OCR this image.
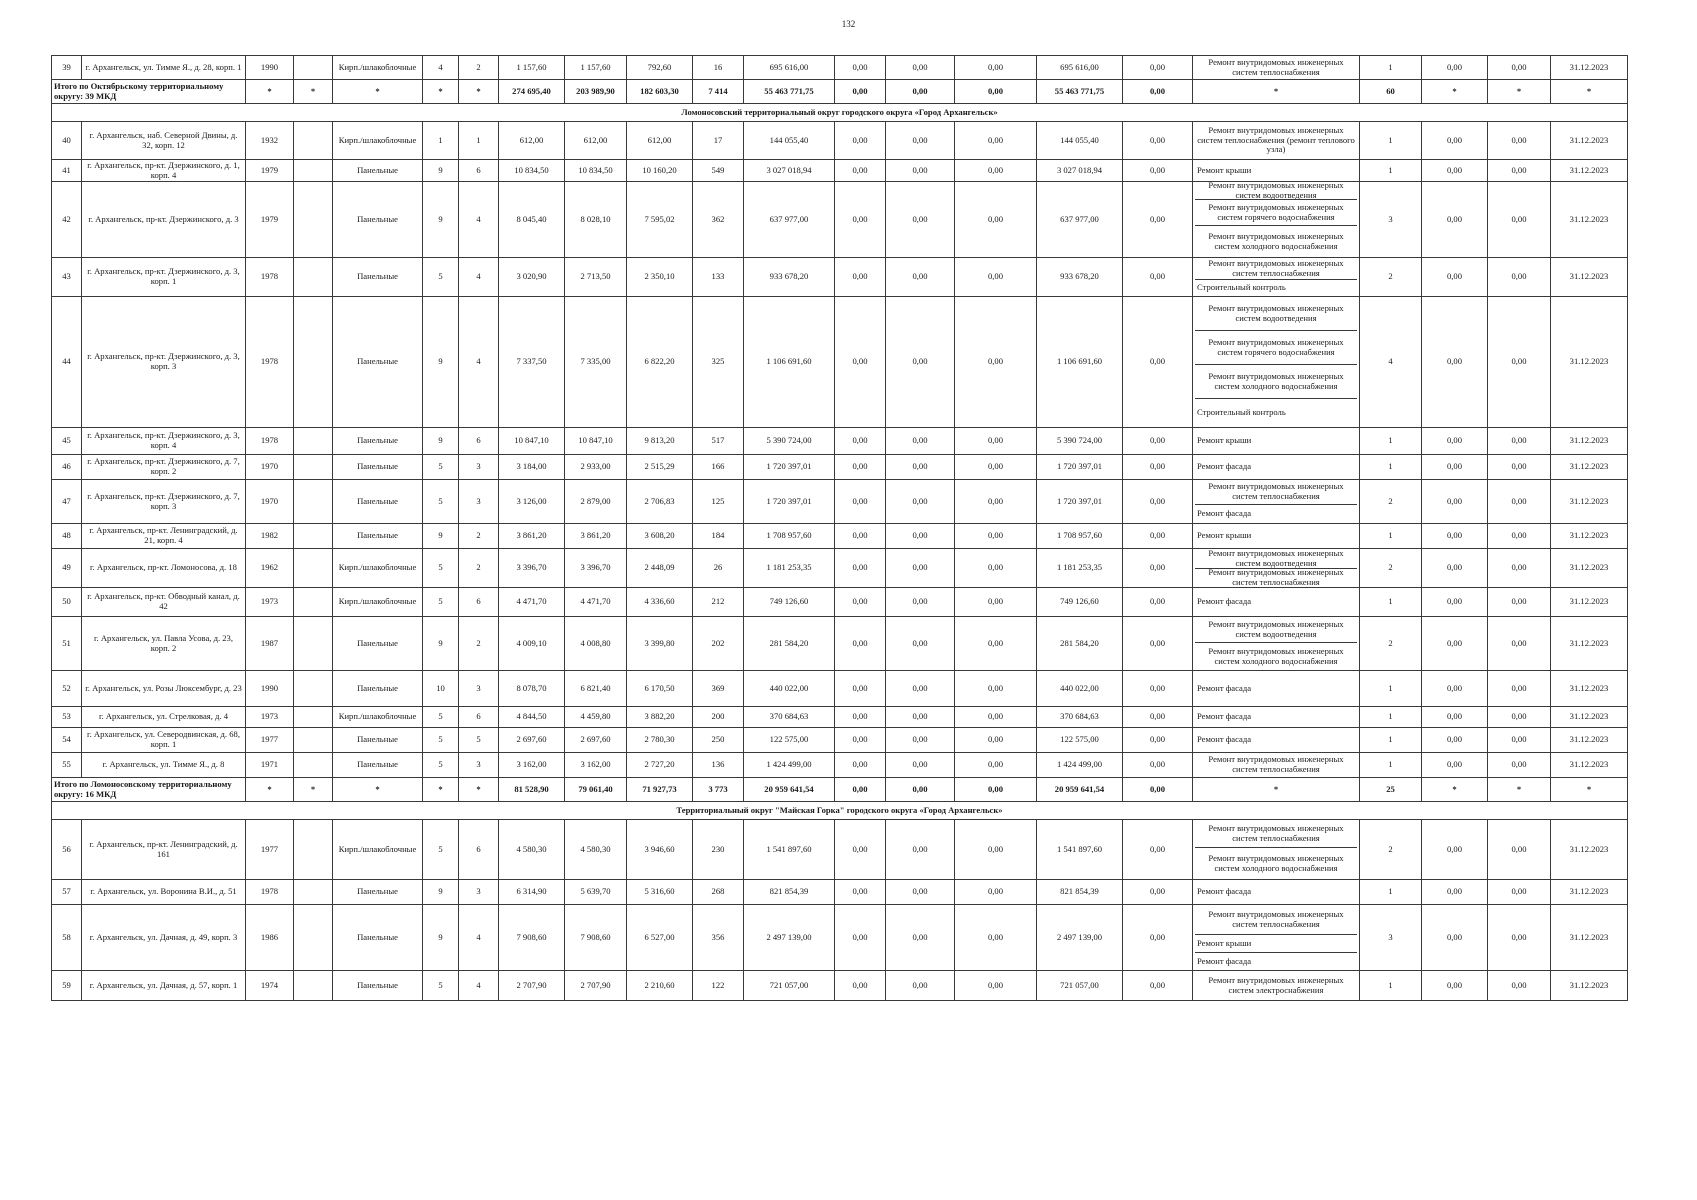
132
39	г. Архангельск, ул. Тимме Я., д. 28, корп. 1	1990		Кирп./шлакоблочные	4	2	1 157,60	1 157,60	792,60	16	695 616,00	0,00	0,00	0,00	695 616,00	0,00	Ремонт внутридомовых инженерных систем теплоснабжения	1	0,00	0,00	31.12.2023
Итого по Октябрьскому территориальному округу: 39 МКД		*	*	*	*	*	274 695,40	203 989,90	182 603,30	7 414	55 463 771,75	0,00	0,00	0,00	55 463 771,75	0,00	*	60	*	*	*
Ломоносовский территориальный округ городского округа «Город Архангельск»																					
40	г. Архангельск, наб. Северной Двины, д. 32, корп. 12	1932		Кирп./шлакоблочные	1	1	612,00	612,00	612,00	17	144 055,40	0,00	0,00	0,00	144 055,40	0,00	Ремонт внутридомовых инженерных систем теплоснабжения (ремонт теплового узла)	1	0,00	0,00	31.12.2023
41	г. Архангельск, пр-кт. Дзержинского, д. 1, корп. 4	1979		Панельные	9	6	10 834,50	10 834,50	10 160,20	549	3 027 018,94	0,00	0,00	0,00	3 027 018,94	0,00	Ремонт крыши	1	0,00	0,00	31.12.2023
42	г. Архангельск, пр-кт. Дзержинского, д. 3	1979		Панельные	9	4	8 045,40	8 028,10	7 595,02	362	637 977,00	0,00	0,00	0,00	637 977,00	0,00	Ремонт внутридомовых инженерных систем водоотведения
Ремонт внутридомовых инженерных систем горячего водоснабжения
Ремонт внутридомовых инженерных систем холодного водоснабжения	3	0,00	0,00	31.12.2023
43	г. Архангельск, пр-кт. Дзержинского, д. 3, корп. 1	1978		Панельные	5	4	3 020,90	2 713,50	2 350,10	133	933 678,20	0,00	0,00	0,00	933 678,20	0,00	Ремонт внутридомовых инженерных систем теплоснабжения
Строительный контроль	2	0,00	0,00	31.12.2023
44	г. Архангельск, пр-кт. Дзержинского, д. 3, корп. 3	1978		Панельные	9	4	7 337,50	7 335,00	6 822,20	325	1 106 691,60	0,00	0,00	0,00	1 106 691,60	0,00	Ремонт внутридомовых инженерных систем водоотведения
Ремонт внутридомовых инженерных систем горячего водоснабжения
Ремонт внутридомовых инженерных систем холодного водоснабжения
Строительный контроль	4	0,00	0,00	31.12.2023
45	г. Архангельск, пр-кт. Дзержинского, д. 3, корп. 4	1978		Панельные	9	6	10 847,10	10 847,10	9 813,20	517	5 390 724,00	0,00	0,00	0,00	5 390 724,00	0,00	Ремонт крыши	1	0,00	0,00	31.12.2023
46	г. Архангельск, пр-кт. Дзержинского, д. 7, корп. 2	1970		Панельные	5	3	3 184,00	2 933,00	2 515,29	166	1 720 397,01	0,00	0,00	0,00	1 720 397,01	0,00	Ремонт фасада	1	0,00	0,00	31.12.2023
47	г. Архангельск, пр-кт. Дзержинского, д. 7, корп. 3	1970		Панельные	5	3	3 126,00	2 879,00	2 706,83	125	1 720 397,01	0,00	0,00	0,00	1 720 397,01	0,00	Ремонт внутридомовых инженерных систем теплоснабжения
Ремонт фасада	2	0,00	0,00	31.12.2023
48	г. Архангельск, пр-кт. Ленинградский, д. 21, корп. 4	1982		Панельные	9	2	3 861,20	3 861,20	3 608,20	184	1 708 957,60	0,00	0,00	0,00	1 708 957,60	0,00	Ремонт крыши	1	0,00	0,00	31.12.2023
49	г. Архангельск, пр-кт. Ломоносова, д. 18	1962		Кирп./шлакоблочные	5	2	3 396,70	3 396,70	2 448,09	26	1 181 253,35	0,00	0,00	0,00	1 181 253,35	0,00	Ремонт внутридомовых инженерных систем водоотведения
Ремонт внутридомовых инженерных систем теплоснабжения	2	0,00	0,00	31.12.2023
50	г. Архангельск, пр-кт. Обводный канал, д. 42	1973		Кирп./шлакоблочные	5	6	4 471,70	4 471,70	4 336,60	212	749 126,60	0,00	0,00	0,00	749 126,60	0,00	Ремонт фасада	1	0,00	0,00	31.12.2023
51	г. Архангельск, ул. Павла Усова, д. 23, корп. 2	1987		Панельные	9	2	4 009,10	4 008,80	3 399,80	202	281 584,20	0,00	0,00	0,00	281 584,20	0,00	Ремонт внутридомовых инженерных систем водоотведения
Ремонт внутридомовых инженерных систем холодного водоснабжения	2	0,00	0,00	31.12.2023
52	г. Архангельск, ул. Розы Люксембург, д. 23	1990		Панельные	10	3	8 078,70	6 821,40	6 170,50	369	440 022,00	0,00	0,00	0,00	440 022,00	0,00	Ремонт фасада	1	0,00	0,00	31.12.2023
53	г. Архангельск, ул. Стрелковая, д. 4	1973		Кирп./шлакоблочные	5	6	4 844,50	4 459,80	3 882,20	200	370 684,63	0,00	0,00	0,00	370 684,63	0,00	Ремонт фасада	1	0,00	0,00	31.12.2023
54	г. Архангельск, ул. Северодвинская, д. 68, корп. 1	1977		Панельные	5	5	2 697,60	2 697,60	2 780,30	250	122 575,00	0,00	0,00	0,00	122 575,00	0,00	Ремонт фасада	1	0,00	0,00	31.12.2023
55	г. Архангельск, ул. Тимме Я., д. 8	1971		Панельные	5	3	3 162,00	3 162,00	2 727,20	136	1 424 499,00	0,00	0,00	0,00	1 424 499,00	0,00	Ремонт внутридомовых инженерных систем теплоснабжения	1	0,00	0,00	31.12.2023
Итого по Ломоносовскому территориальному округу: 16 МКД		*	*	*	*	*	81 528,90	79 061,40	71 927,73	3 773	20 959 641,54	0,00	0,00	0,00	20 959 641,54	0,00	*	25	*	*	*
Территориальный округ "Майская Горка" городского округа «Город Архангельск»																					
56	г. Архангельск, пр-кт. Ленинградский, д. 161	1977		Кирп./шлакоблочные	5	6	4 580,30	4 580,30	3 946,60	230	1 541 897,60	0,00	0,00	0,00	1 541 897,60	0,00	Ремонт внутридомовых инженерных систем теплоснабжения
Ремонт внутридомовых инженерных систем холодного водоснабжения	2	0,00	0,00	31.12.2023
57	г. Архангельск, ул. Воронина В.И., д. 51	1978		Панельные	9	3	6 314,90	5 639,70	5 316,60	268	821 854,39	0,00	0,00	0,00	821 854,39	0,00	Ремонт фасада	1	0,00	0,00	31.12.2023
58	г. Архангельск, ул. Дачная, д. 49, корп. 3	1986		Панельные	9	4	7 908,60	7 908,60	6 527,00	356	2 497 139,00	0,00	0,00	0,00	2 497 139,00	0,00	Ремонт внутридомовых инженерных систем теплоснабжения
Ремонт крыши
Ремонт фасада	3	0,00	0,00	31.12.2023
59	г. Архангельск, ул. Дачная, д. 57, корп. 1	1974		Панельные	5	4	2 707,90	2 707,90	2 210,60	122	721 057,00	0,00	0,00	0,00	721 057,00	0,00	Ремонт внутридомовых инженерных систем электроснабжения	1	0,00	0,00	31.12.2023
